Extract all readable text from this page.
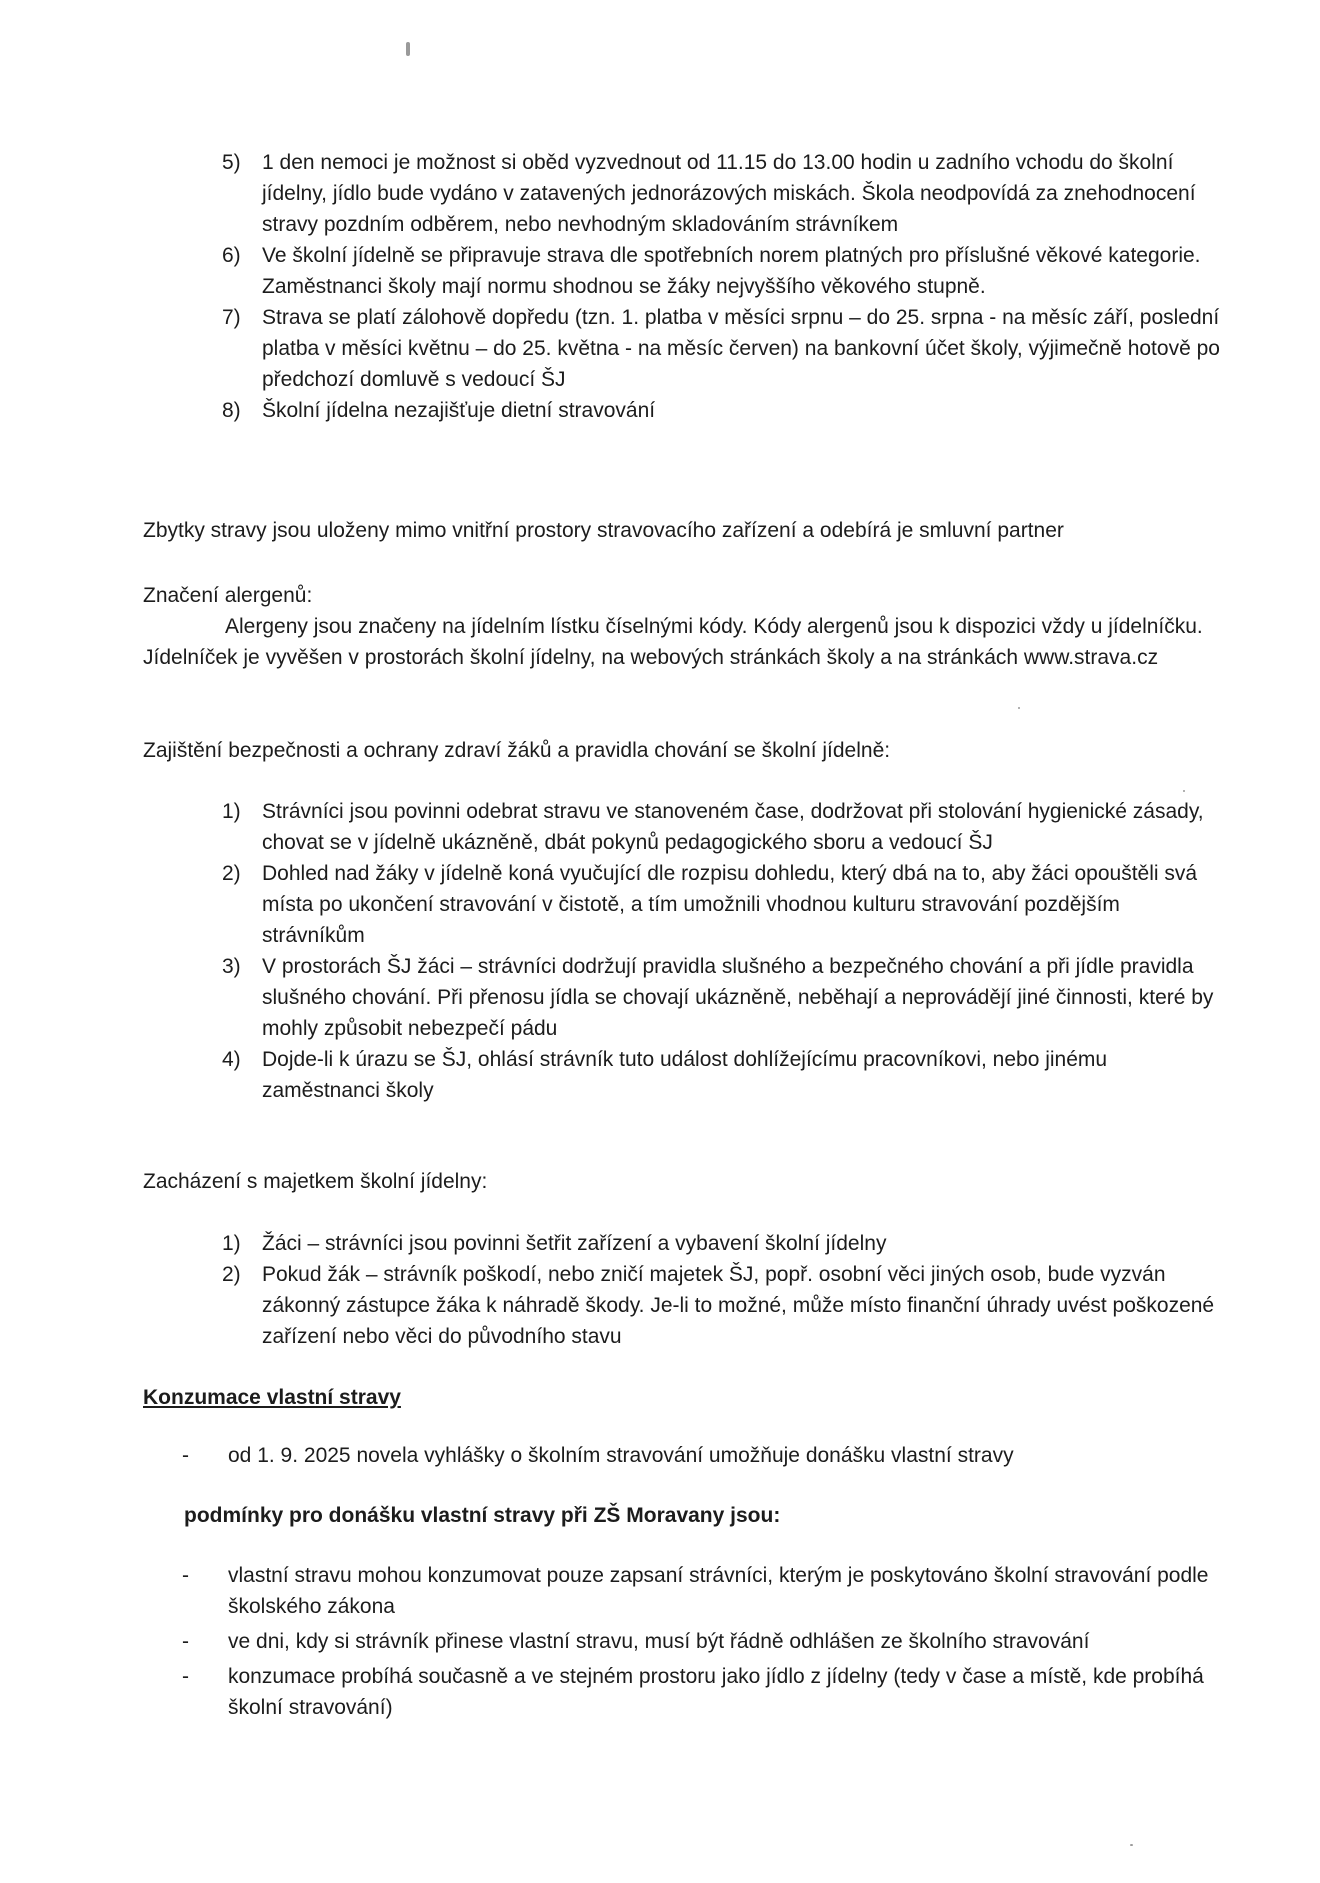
5)	1 den nemoci je možnost si oběd vyzvednout od 11.15 do 13.00 hodin u zadního vchodu do školní jídelny, jídlo bude vydáno v zatavených jednorázových miskách. Škola neodpovídá za znehodnocení stravy pozdním odběrem, nebo nevhodným skladováním strávníkem
6)	Ve školní jídelně se připravuje strava dle spotřebních norem platných pro příslušné věkové kategorie. Zaměstnanci školy mají normu shodnou se žáky nejvyššího věkového stupně.
7)	Strava se platí zálohově dopředu (tzn. 1. platba v měsíci srpnu – do 25. srpna - na měsíc září, poslední platba v měsíci květnu – do 25. května - na měsíc červen) na bankovní účet školy, výjimečně hotově po předchozí domluvě s vedoucí ŠJ
8)	Školní jídelna nezajišťuje dietní stravování

Zbytky stravy jsou uloženy mimo vnitřní prostory stravovacího zařízení a odebírá je smluvní partner

Značení alergenů:

Alergeny jsou značeny na jídelním lístku číselnými kódy. Kódy alergenů jsou k dispozici vždy u jídelníčku. Jídelníček je vyvěšen v prostorách školní jídelny, na webových stránkách školy a na stránkách www.strava.cz

Zajištění bezpečnosti a ochrany zdraví žáků a pravidla chování se školní jídelně:

1)	Strávníci jsou povinni odebrat stravu ve stanoveném čase, dodržovat při stolování hygienické zásady, chovat se v jídelně ukázněně, dbát pokynů pedagogického sboru a vedoucí ŠJ
2)	Dohled nad žáky v jídelně koná vyučující dle rozpisu dohledu, který dbá na to, aby žáci opouštěli svá místa po ukončení stravování v čistotě, a tím umožnili vhodnou kulturu stravování pozdějším strávníkům
3)	V prostorách ŠJ žáci – strávníci dodržují pravidla slušného a bezpečného chování a při jídle pravidla slušného chování. Při přenosu jídla se chovají ukázněně, neběhají a neprovádějí jiné činnosti, které by mohly způsobit nebezpečí pádu
4)	Dojde-li k úrazu se ŠJ, ohlásí strávník tuto událost dohlížejícímu pracovníkovi, nebo jinému zaměstnanci školy

Zacházení s majetkem školní jídelny:

1)	Žáci – strávníci jsou povinni šetřit zařízení a vybavení školní jídelny
2)	Pokud žák – strávník poškodí, nebo zničí majetek ŠJ, popř. osobní věci jiných osob, bude vyzván zákonný zástupce žáka k náhradě škody. Je-li to možné, může místo finanční úhrady uvést poškozené zařízení nebo věci do původního stavu

Konzumace vlastní stravy

-	od 1. 9. 2025 novela vyhlášky o školním stravování umožňuje donášku vlastní stravy

podmínky pro donášku vlastní stravy při ZŠ Moravany jsou:

-	vlastní stravu mohou konzumovat pouze zapsaní strávníci, kterým je poskytováno školní stravování podle školského zákona
-	ve dni, kdy si strávník přinese vlastní stravu, musí být řádně odhlášen ze školního stravování
-	konzumace probíhá současně a ve stejném prostoru jako jídlo z jídelny (tedy v čase a místě, kde probíhá školní stravování)
